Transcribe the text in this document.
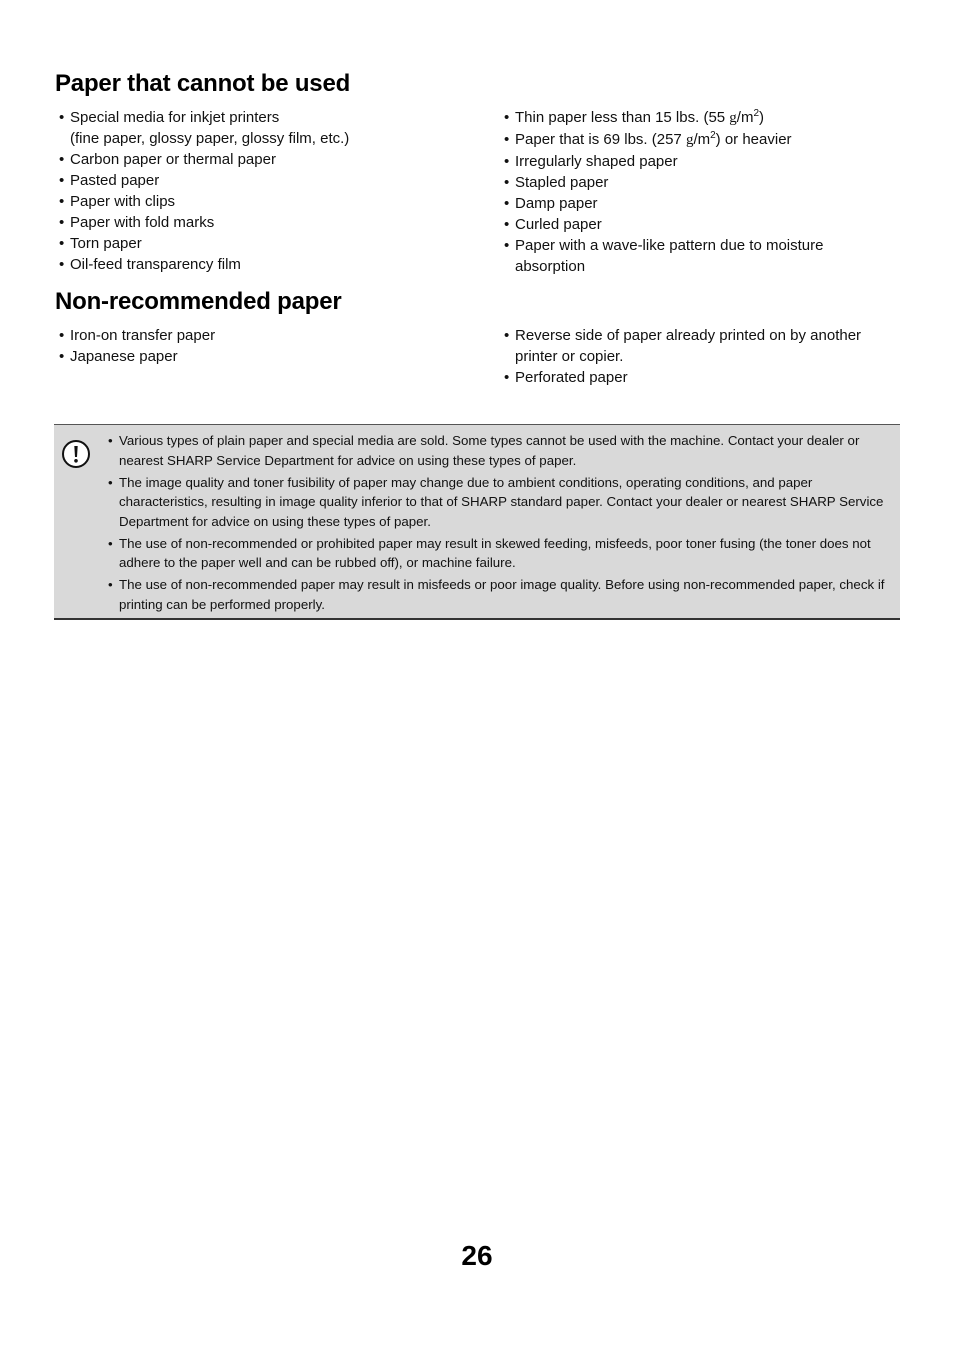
Paper that cannot be used
• Special media for inkjet printers
(fine paper, glossy paper, glossy film, etc.)
• Carbon paper or thermal paper
• Pasted paper
• Paper with clips
• Paper with fold marks
• Torn paper
• Oil-feed transparency film
• Thin paper less than 15 lbs. (55 $g/m^2$)
• Paper that is 69 lbs. (257 $g/m^2$) or heavier
• Irregularly shaped paper
• Stapled paper
• Damp paper
• Curled paper
• Paper with a wave-like pattern due to moisture
absorption
Non-recommended paper
• Iron-on transfer paper
• Japanese paper
• Reverse side of paper already printed on by another
printer or copier.
• Perforated paper
• Various types of plain paper and special media are sold. Some types cannot be used with the machine. Contact your dealer or nearest SHARP Service Department for advice on using these types of paper.
• The image quality and toner fusibility of paper may change due to ambient conditions, operating conditions, and paper characteristics, resulting in image quality inferior to that of SHARP standard paper. Contact your dealer or nearest SHARP Service Department for advice on using these types of paper.
• The use of non-recommended or prohibited paper may result in skewed feeding, misfeeds, poor toner fusing (the toner does not adhere to the paper well and can be rubbed off), or machine failure.
• The use of non-recommended paper may result in misfeeds or poor image quality. Before using non-recommended paper, check if printing can be performed properly.
26
